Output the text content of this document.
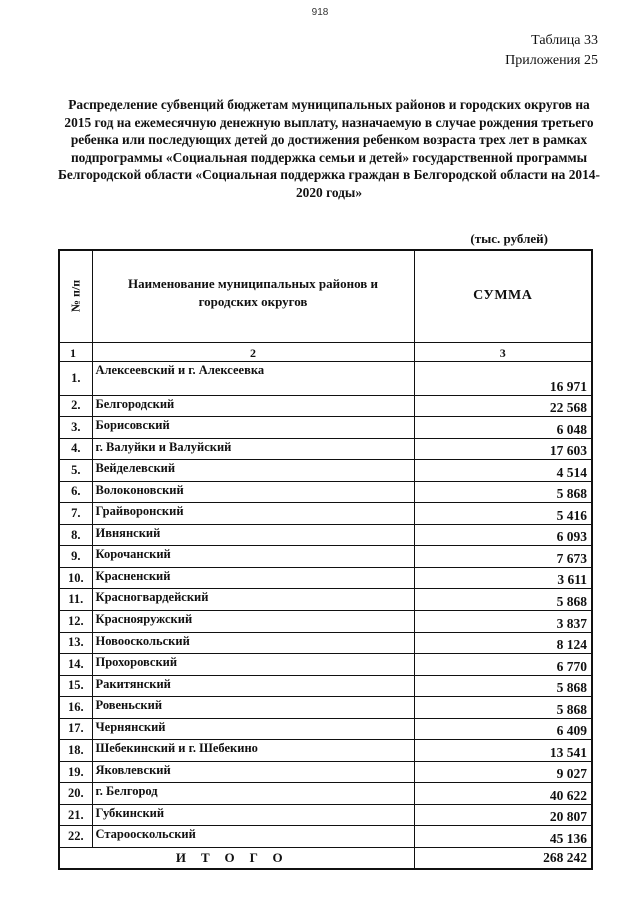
918
Таблица 33
Приложения 25
Распределение субвенций бюджетам муниципальных районов и городских округов на 2015 год на ежемесячную денежную выплату, назначаемую в случае рождения третьего ребенка или последующих детей до достижения ребенком возраста трех лет в рамках подпрограммы «Социальная поддержка семьи и детей» государственной программы Белгородской области «Социальная поддержка граждан в Белгородской области на 2014-2020 годы»
(тыс. рублей)
№ п/п	Наименование муниципальных районов и городских округов	СУММА
1	2	3
1.	Алексеевский и г. Алексеевка	16 971
2.	Белгородский	22 568
3.	Борисовский	6 048
4.	г. Валуйки и Валуйский	17 603
5.	Вейделевский	4 514
6.	Волоконовский	5 868
7.	Грайворонский	5 416
8.	Ивнянский	6 093
9.	Корочанский	7 673
10.	Красненский	3 611
11.	Красногвардейский	5 868
12.	Краснояружский	3 837
13.	Новооскольский	8 124
14.	Прохоровский	6 770
15.	Ракитянский	5 868
16.	Ровеньский	5 868
17.	Чернянский	6 409
18.	Шебекинский и г. Шебекино	13 541
19.	Яковлевский	9 027
20.	г. Белгород	40 622
21.	Губкинский	20 807
22.	Старооскольский	45 136
ИТОГО		268 242
